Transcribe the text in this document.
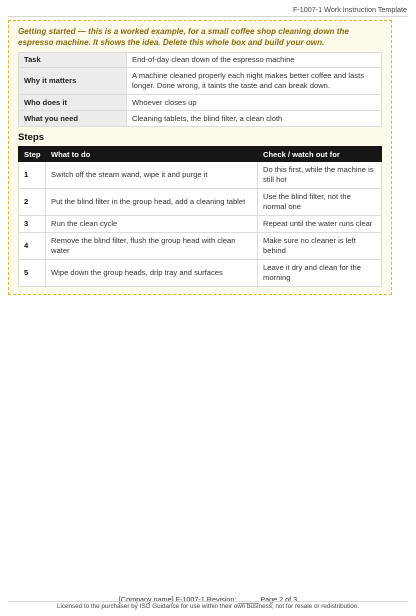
F-1007-1 Work Instruction Template

Getting started — this is a worked example, for a small coffee shop cleaning down the espresso machine. It shows the idea. Delete this whole box and build your own.

Task	End-of-day clean down of the espresso machine
Why it matters	A machine cleaned properly each night makes better coffee and lasts longer. Done wrong, it taints the taste and can break down.
Who does it	Whoever closes up
What you need	Cleaning tablets, the blind filter, a clean cloth
Steps
Step	What to do	Check / watch out for
1	Switch off the steam wand, wipe it and purge it	Do this first, while the machine is still hot
2	Put the blind filter in the group head, add a cleaning tablet	Use the blind filter, not the normal one
3	Run the clean cycle	Repeat until the water runs clear
4	Remove the blind filter, flush the group head with clean water	Make sure no cleaner is left behind
5	Wipe down the group heads, drip tray and surfaces	Leave it dry and clean for the morning
[Company name] F-1007-1 Revision: _____ Page 2 of 3
Licensed to the purchaser by ISO Guidance for use within their own business; not for resale or redistribution.
